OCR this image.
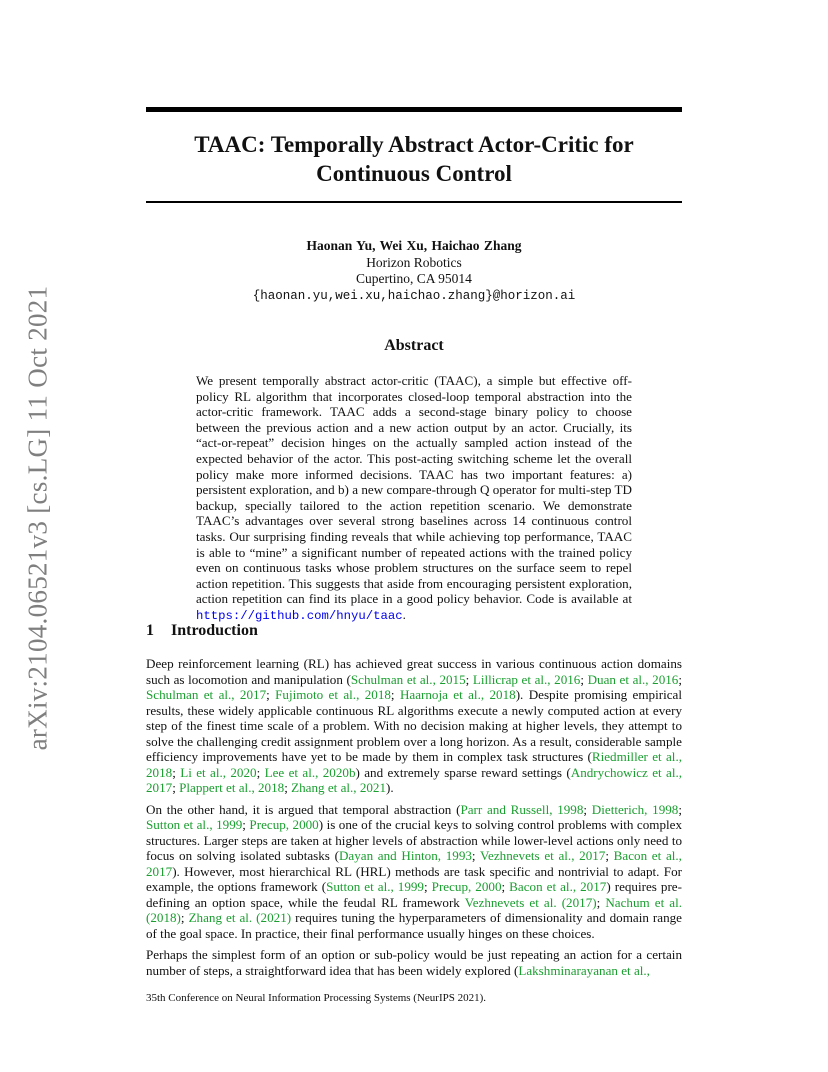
arXiv:2104.06521v3 [cs.LG] 11 Oct 2021
TAAC: Temporally Abstract Actor-Critic for
Continuous Control
Haonan Yu, Wei Xu, Haichao Zhang
Horizon Robotics
Cupertino, CA 95014
{haonan.yu,wei.xu,haichao.zhang}@horizon.ai
Abstract

We present temporally abstract actor-critic (TAAC), a simple but effective off-policy RL algorithm that incorporates closed-loop temporal abstraction into the actor-critic framework. TAAC adds a second-stage binary policy to choose between the previous action and a new action output by an actor. Crucially, its “act-or-repeat” decision hinges on the actually sampled action instead of the expected behavior of the actor. This post-acting switching scheme let the overall policy make more informed decisions. TAAC has two important features: a) persistent exploration, and b) a new compare-through Q operator for multi-step TD backup, specially tailored to the action repetition scenario. We demonstrate TAAC’s advantages over several strong baselines across 14 continuous control tasks. Our surprising finding reveals that while achieving top performance, TAAC is able to “mine” a significant number of repeated actions with the trained policy even on continuous tasks whose problem structures on the surface seem to repel action repetition. This suggests that aside from encouraging persistent exploration, action repetition can find its place in a good policy behavior. Code is available at https://github.com/hnyu/taac.

1 Introduction

Deep reinforcement learning (RL) has achieved great success in various continuous action domains such as locomotion and manipulation (Schulman et al., 2015; Lillicrap et al., 2016; Duan et al., 2016; Schulman et al., 2017; Fujimoto et al., 2018; Haarnoja et al., 2018). Despite promising empirical results, these widely applicable continuous RL algorithms execute a newly computed action at every step of the finest time scale of a problem. With no decision making at higher levels, they attempt to solve the challenging credit assignment problem over a long horizon. As a result, considerable sample efficiency improvements have yet to be made by them in complex task structures (Riedmiller et al., 2018; Li et al., 2020; Lee et al., 2020b) and extremely sparse reward settings (Andrychowicz et al., 2017; Plappert et al., 2018; Zhang et al., 2021).

On the other hand, it is argued that temporal abstraction (Parr and Russell, 1998; Dietterich, 1998; Sutton et al., 1999; Precup, 2000) is one of the crucial keys to solving control problems with complex structures. Larger steps are taken at higher levels of abstraction while lower-level actions only need to focus on solving isolated subtasks (Dayan and Hinton, 1993; Vezhnevets et al., 2017; Bacon et al., 2017). However, most hierarchical RL (HRL) methods are task specific and nontrivial to adapt. For example, the options framework (Sutton et al., 1999; Precup, 2000; Bacon et al., 2017) requires pre-defining an option space, while the feudal RL framework Vezhnevets et al. (2017); Nachum et al. (2018); Zhang et al. (2021) requires tuning the hyperparameters of dimensionality and domain range of the goal space. In practice, their final performance usually hinges on these choices.

Perhaps the simplest form of an option or sub-policy would be just repeating an action for a certain number of steps, a straightforward idea that has been widely explored (Lakshminarayanan et al.,

35th Conference on Neural Information Processing Systems (NeurIPS 2021).
